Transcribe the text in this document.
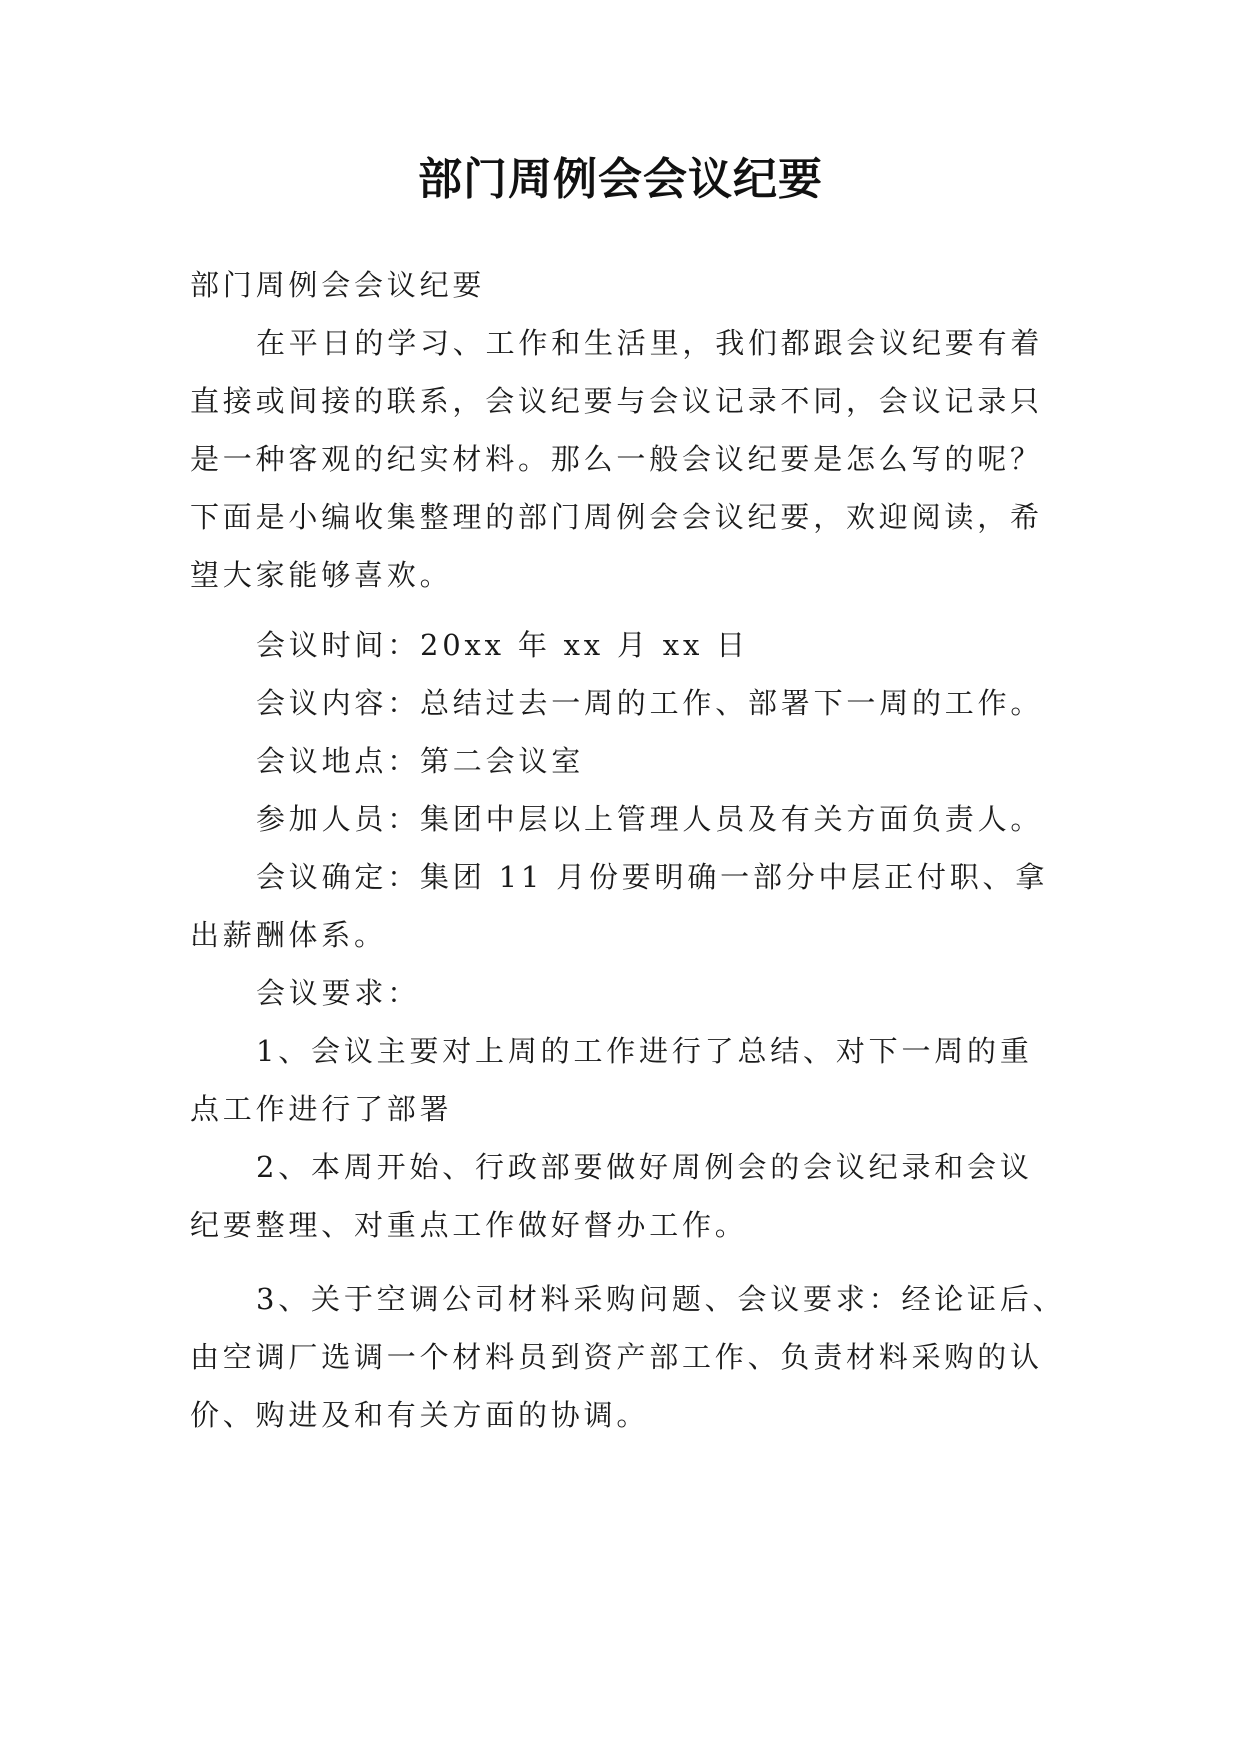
部门周例会会议纪要
部门周例会会议纪要
在平日的学习、工作和生活里，我们都跟会议纪要有着
直接或间接的联系，会议纪要与会议记录不同，会议记录只
是一种客观的纪实材料。那么一般会议纪要是怎么写的呢？
下面是小编收集整理的部门周例会会议纪要，欢迎阅读，希
望大家能够喜欢。
会议时间：20xx 年 xx 月 xx 日
会议内容：总结过去一周的工作、部署下一周的工作。
会议地点：第二会议室
参加人员：集团中层以上管理人员及有关方面负责人。
会议确定：集团 11 月份要明确一部分中层正付职、拿
出薪酬体系。
会议要求：
1、会议主要对上周的工作进行了总结、对下一周的重
点工作进行了部署
2、本周开始、行政部要做好周例会的会议纪录和会议
纪要整理、对重点工作做好督办工作。
3、关于空调公司材料采购问题、会议要求：经论证后、
由空调厂选调一个材料员到资产部工作、负责材料采购的认
价、购进及和有关方面的协调。
